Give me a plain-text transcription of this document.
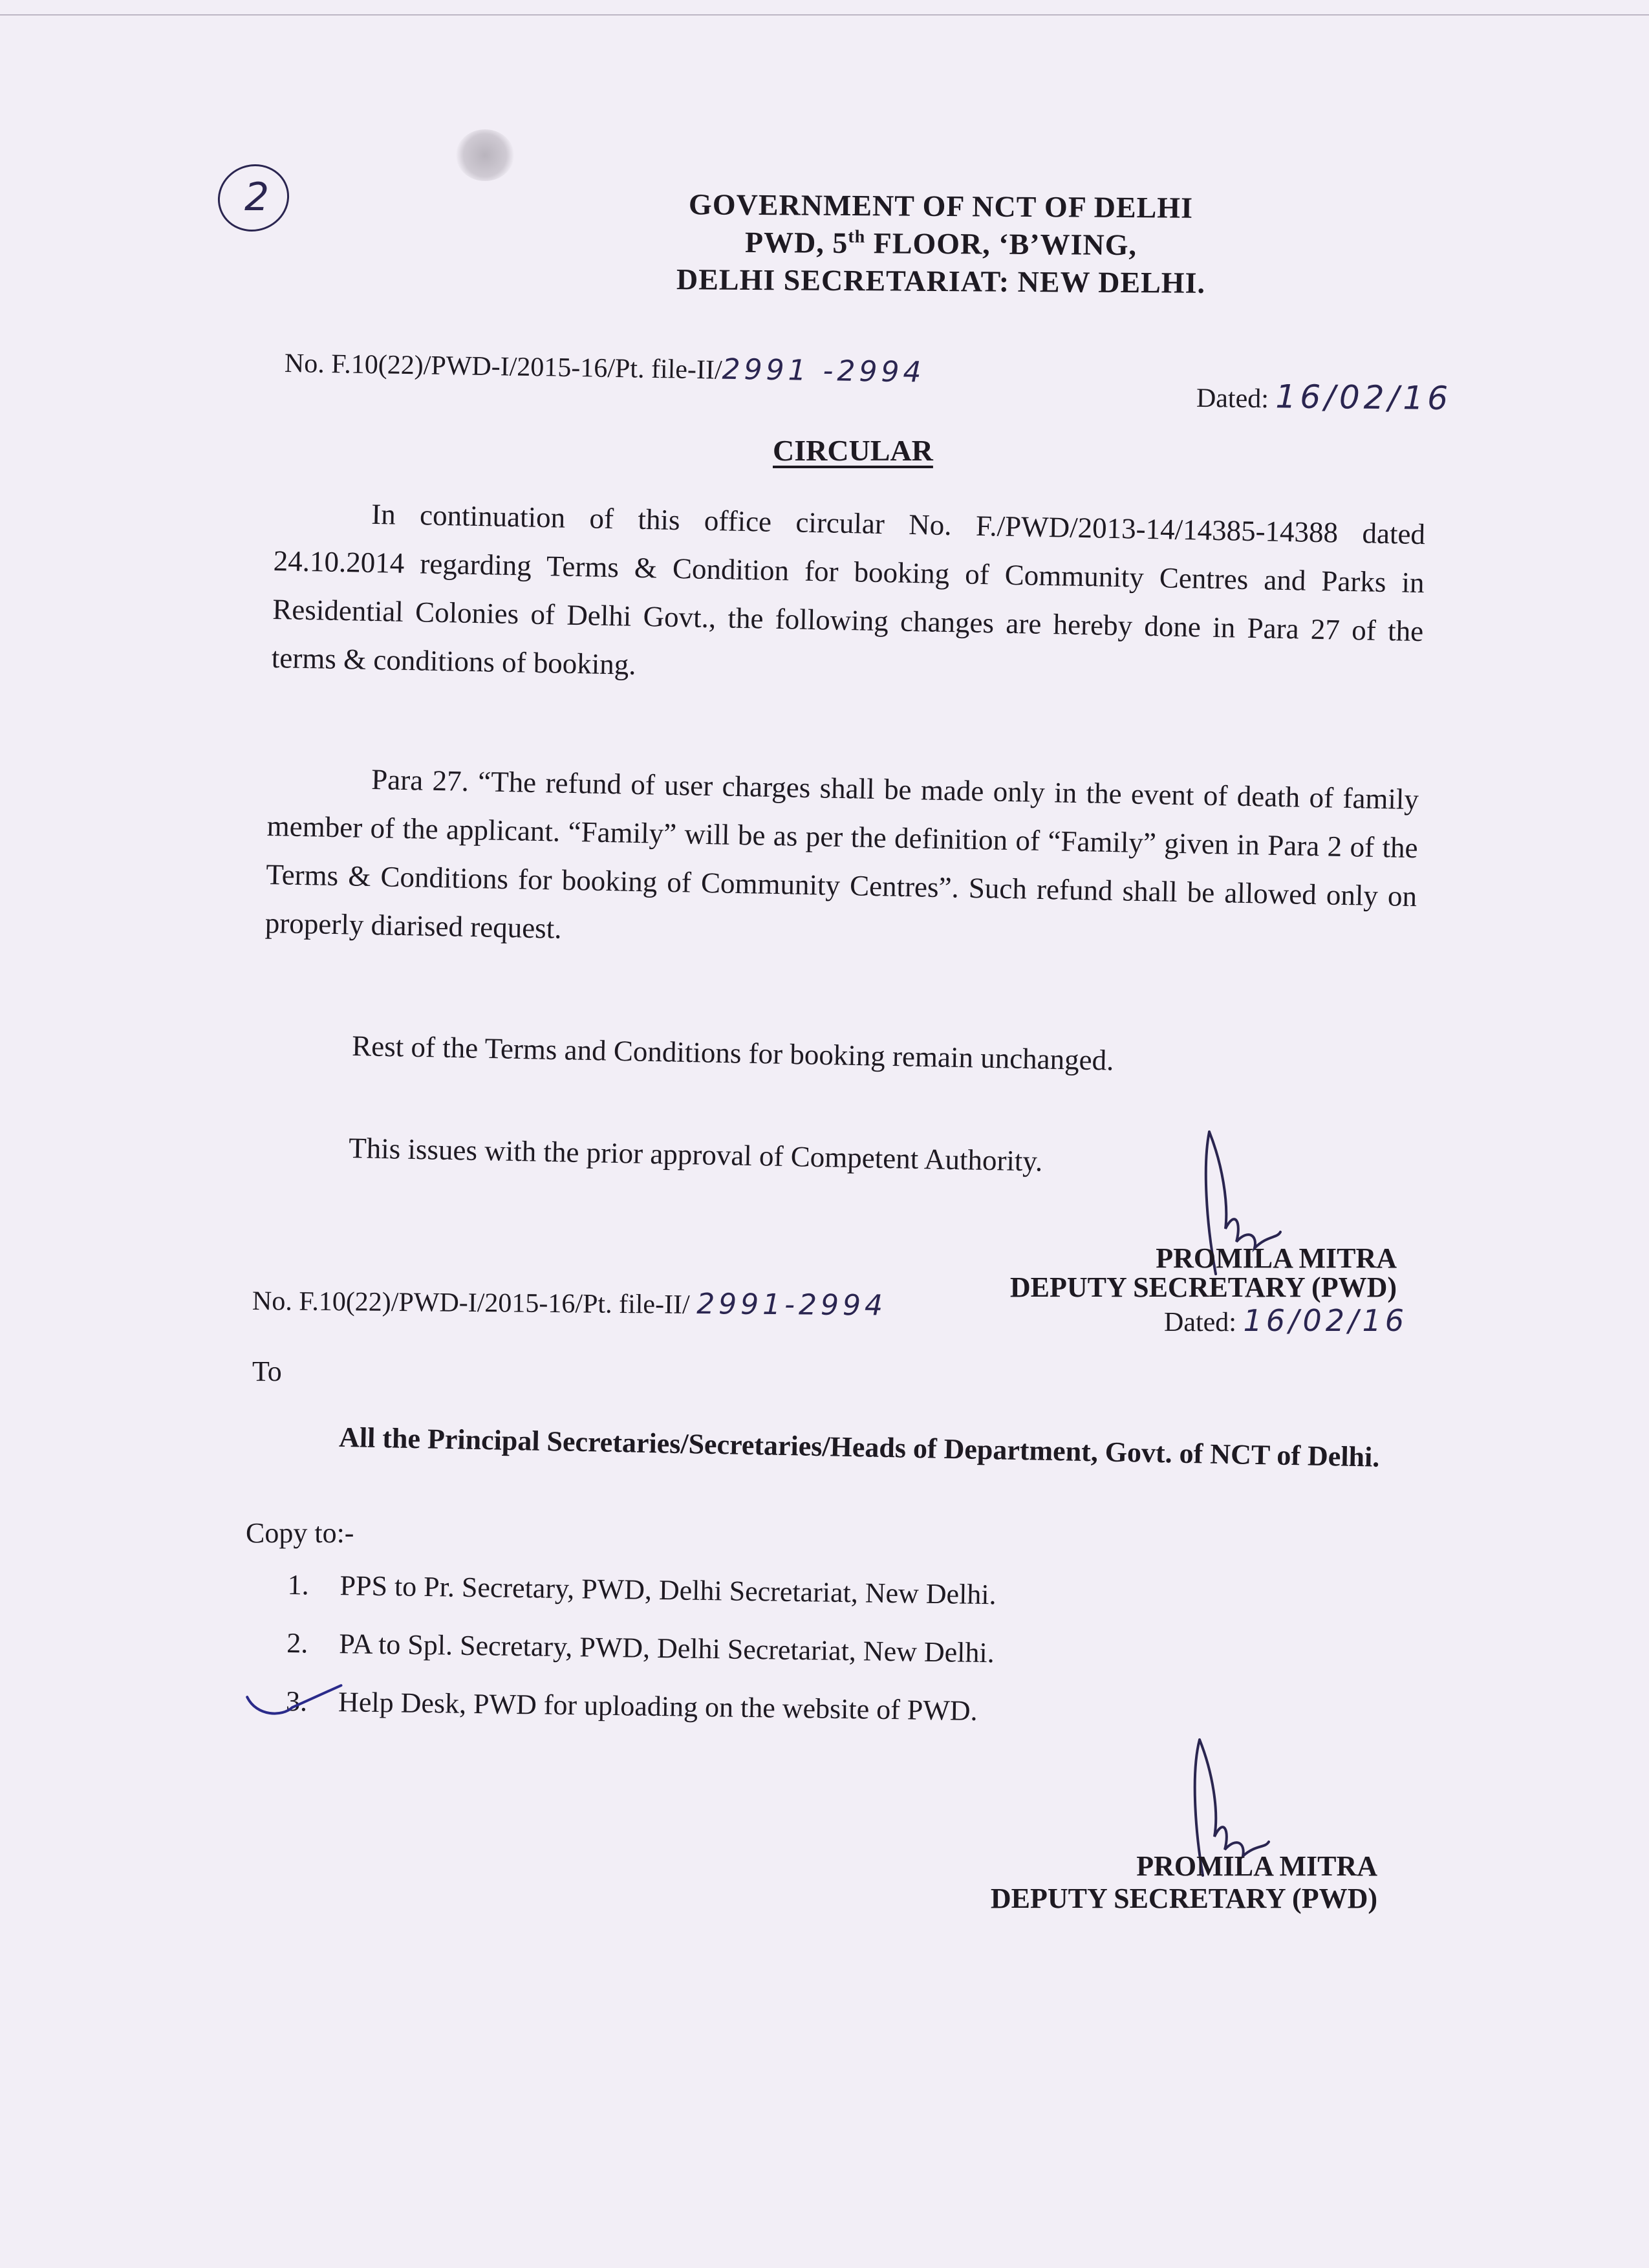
2	GOVERNMENT OF NCT OF DELHI
PWD, 5th FLOOR, ‘B’WING,
DELHI SECRETARIAT: NEW DELHI.
No. F.10(22)/PWD-I/2015-16/Pt. file-II/2991 -2994
Dated: 16/02/16
CIRCULAR
In continuation of this office circular No. F./PWD/2013-14/14385-14388 dated 24.10.2014 regarding Terms & Condition for booking of Community Centres and Parks in Residential Colonies of Delhi Govt., the following changes are hereby done in Para 27 of the terms & conditions of booking.
Para 27. “The refund of user charges shall be made only in the event of death of family member of the applicant. “Family” will be as per the definition of “Family” given in Para 2 of the Terms & Conditions for booking of Community Centres”. Such refund shall be allowed only on properly diarised request.
Rest of the Terms and Conditions for booking remain unchanged.
This issues with the prior approval of Competent Authority.
PROMILA MITRA
DEPUTY SECRETARY (PWD)
Dated: 16/02/16
No. F.10(22)/PWD-I/2015-16/Pt. file-II/ 2991-2994
To
All the Principal Secretaries/Secretaries/Heads of Department, Govt. of NCT of Delhi.
Copy to:-
1. PPS to Pr. Secretary, PWD, Delhi Secretariat, New Delhi.
2. PA to Spl. Secretary, PWD, Delhi Secretariat, New Delhi.
3. Help Desk, PWD for uploading on the website of PWD.
PROMILA MITRA
DEPUTY SECRETARY (PWD)
